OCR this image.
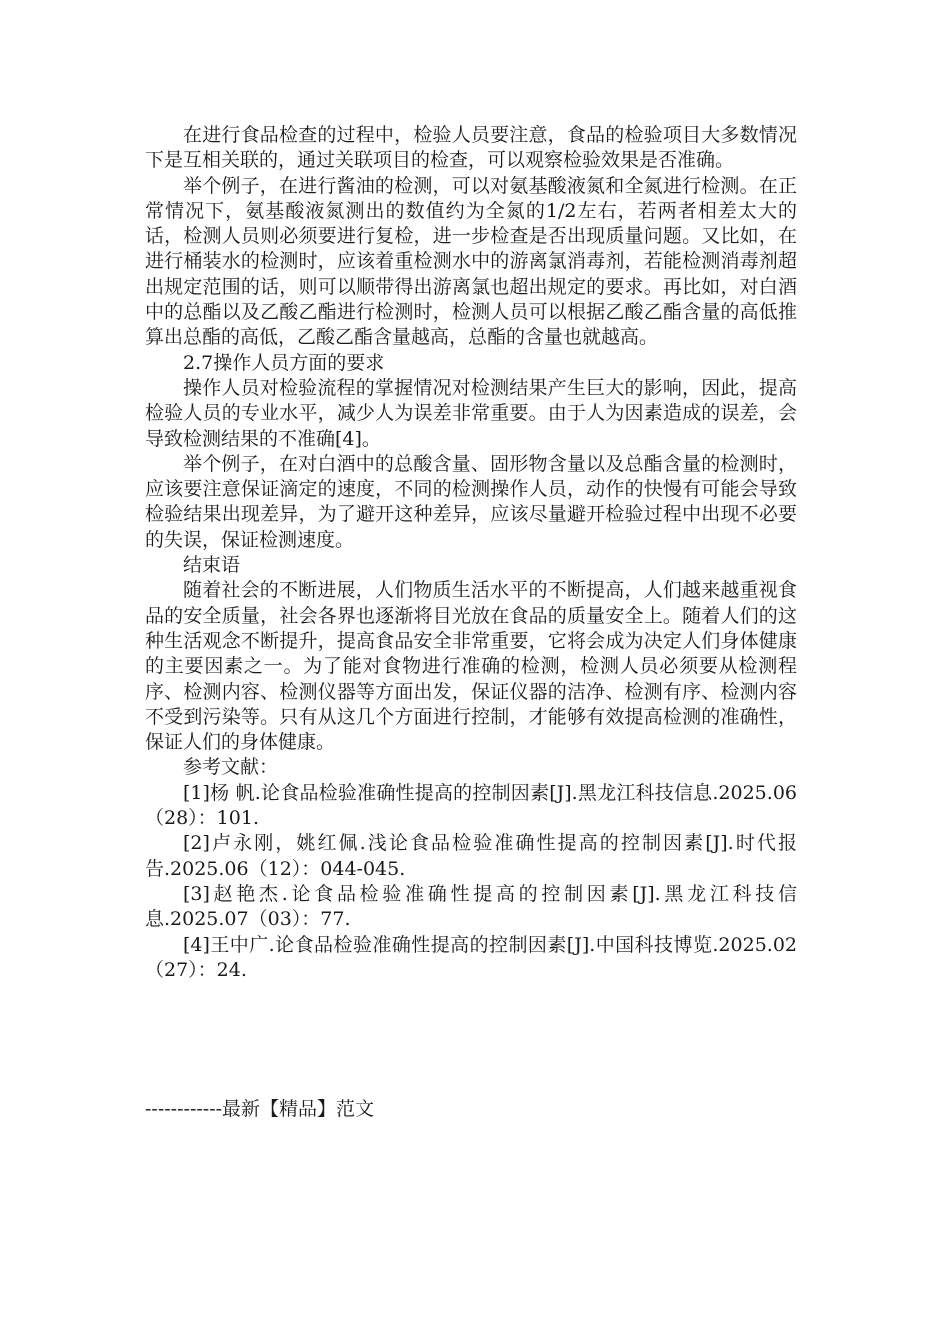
在进行食品检查的过程中，检验人员要注意，食品的检验项目大多数情况下是互相关联的，通过关联项目的检查，可以观察检验效果是否准确。

举个例子，在进行酱油的检测，可以对氨基酸液氮和全氮进行检测。在正常情况下，氨基酸液氮测出的数值约为全氮的1/2左右，若两者相差太大的话，检测人员则必须要进行复检，进一步检查是否出现质量问题。又比如，在进行桶装水的检测时，应该着重检测水中的游离氯消毒剂，若能检测消毒剂超出规定范围的话，则可以顺带得出游离氯也超出规定的要求。再比如，对白酒中的总酯以及乙酸乙酯进行检测时，检测人员可以根据乙酸乙酯含量的高低推算出总酯的高低，乙酸乙酯含量越高，总酯的含量也就越高。

2.7操作人员方面的要求

操作人员对检验流程的掌握情况对检测结果产生巨大的影响，因此，提高检验人员的专业水平，减少人为误差非常重要。由于人为因素造成的误差，会导致检测结果的不准确[4]。

举个例子，在对白酒中的总酸含量、固形物含量以及总酯含量的检测时，应该要注意保证滴定的速度，不同的检测操作人员，动作的快慢有可能会导致检验结果出现差异，为了避开这种差异，应该尽量避开检验过程中出现不必要的失误，保证检测速度。

结束语

随着社会的不断进展，人们物质生活水平的不断提高，人们越来越重视食品的安全质量，社会各界也逐渐将目光放在食品的质量安全上。随着人们的这种生活观念不断提升，提高食品安全非常重要，它将会成为决定人们身体健康的主要因素之一。为了能对食物进行准确的检测，检测人员必须要从检测程序、检测内容、检测仪器等方面出发，保证仪器的洁净、检测有序、检测内容不受到污染等。只有从这几个方面进行控制，才能够有效提高检测的准确性，保证人们的身体健康。

参考文献：

[1]杨 帆.论食品检验准确性提高的控制因素[J].黑龙江科技信息.2025.06（28）：101.

[2]卢永刚，姚红佩.浅论食品检验准确性提高的控制因素[J].时代报告.2025.06（12）：044-045.

[3]赵艳杰.论食品检验准确性提高的控制因素[J].黑龙江科技信息.2025.07（03）：77.

[4]王中广.论食品检验准确性提高的控制因素[J].中国科技博览.2025.02（27）：24.

------------最新【精品】范文
